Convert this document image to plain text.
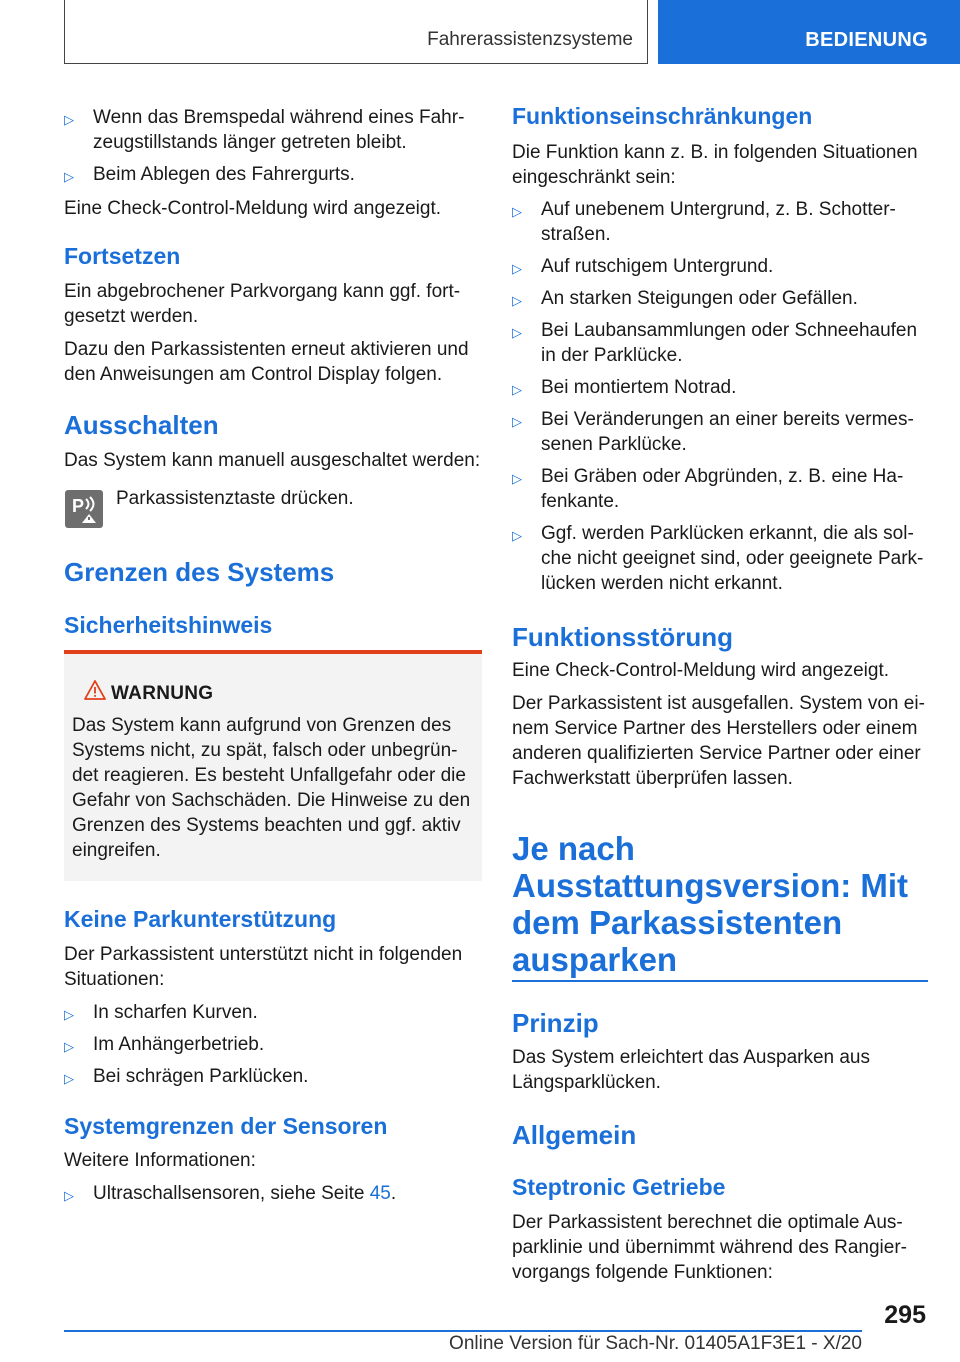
Fahrerassistenzsysteme	BEDIENUNG
▷ Wenn das Bremspedal während eines Fahr-zeugstillstands länger getreten bleibt.
▷ Beim Ablegen des Fahrergurts.

Eine Check-Control-Meldung wird angezeigt.

Fortsetzen

Ein abgebrochener Parkvorgang kann ggf. fort-gesetzt werden.

Dazu den Parkassistenten erneut aktivieren und den Anweisungen am Control Display folgen.

Ausschalten

Das System kann manuell ausgeschaltet werden:

P Parkassistenztaste drücken.

Grenzen des Systems
Sicherheitshinweis
WARNUNG

Das System kann aufgrund von Grenzen des Systems nicht, zu spät, falsch oder unbegrün-det reagieren. Es besteht Unfallgefahr oder die Gefahr von Sachschäden. Die Hinweise zu den Grenzen des Systems beachten und ggf. aktiv eingreifen.

Keine Parkunterstützung

Der Parkassistent unterstützt nicht in folgenden Situationen:

▷ In scharfen Kurven.
▷ Im Anhängerbetrieb.
▷ Bei schrägen Parklücken.
Systemgrenzen der Sensoren

Weitere Informationen:

▷ Ultraschallsensoren, siehe Seite 45.
Funktionseinschränkungen

Die Funktion kann z. B. in folgenden Situationen eingeschränkt sein:

▷ Auf unebenem Untergrund, z. B. Schotter-straßen.
▷ Auf rutschigem Untergrund.
▷ An starken Steigungen oder Gefällen.
▷ Bei Laubansammlungen oder Schneehaufen in der Parklücke.
▷ Bei montiertem Notrad.
▷ Bei Veränderungen an einer bereits vermes-senen Parklücke.
▷ Bei Gräben oder Abgründen, z. B. eine Ha-fenkante.
▷ Ggf. werden Parklücken erkannt, die als sol-che nicht geeignet sind, oder geeignete Park-lücken werden nicht erkannt.
Funktionsstörung

Eine Check-Control-Meldung wird angezeigt.

Der Parkassistent ist ausgefallen. System von ei-nem Service Partner des Herstellers oder einem anderen qualifizierten Service Partner oder einer Fachwerkstatt überprüfen lassen.

Je nach Ausstattungsversion: Mit dem Parkassistenten ausparken
Prinzip

Das System erleichtert das Ausparken aus Längsparklücken.

Allgemein
Steptronic Getriebe

Der Parkassistent berechnet die optimale Aus-parklinie und übernimmt während des Rangier-vorgangs folgende Funktionen:

295
Online Version für Sach-Nr. 01405A1F3E1 - X/20
